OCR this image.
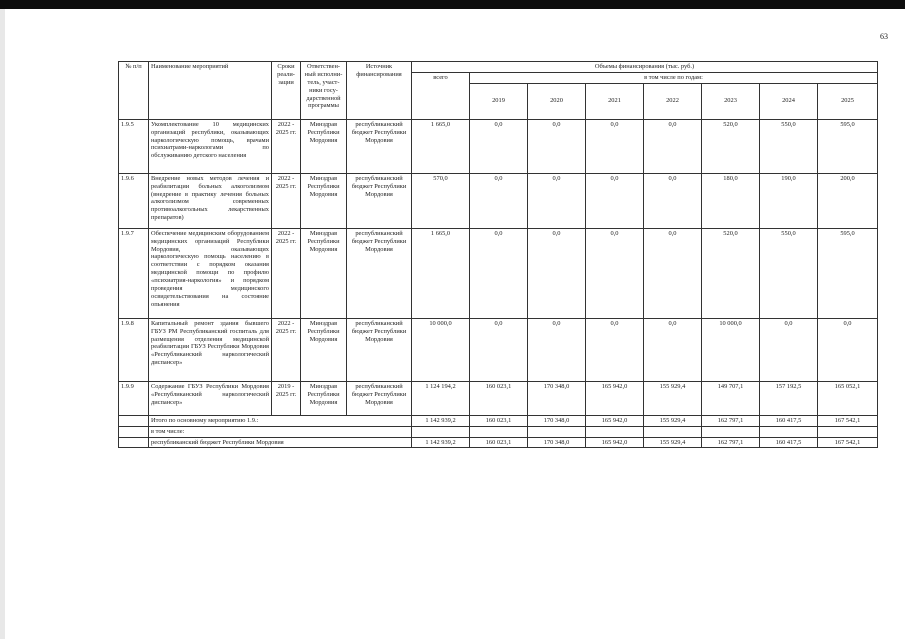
63
№ п/п	Наименование мероприятий	Сроки реали-зации	Ответствен-ный исполни-тель, участ-ники госу-дарственной программы	Источник финансирования	Объемы финансирования (тыс. руб.)							
					всего	в том числе по годам:						
						2019	2020	2021	2022	2023	2024	2025
1.9.5	Укомплектование 10 медицинских организаций республики, оказывающих наркологическую помощь, врачами психиатрами-наркологами по обслуживанию детского населения	2022 - 2025 гг.	Минздрав Республики Мордовия	республиканский бюджет Республики Мордовия	1 665,0	0,0	0,0	0,0	0,0	520,0	550,0	595,0
1.9.6	Внедрение новых методов лечения и реабилитации больных алкоголизмом (внедрение в практику лечения больных алкоголизмом современных противоалкогольных лекарственных препаратов)	2022 - 2025 гг.	Минздрав Республики Мордовия	республиканский бюджет Республики Мордовия	570,0	0,0	0,0	0,0	0,0	180,0	190,0	200,0
1.9.7	Обеспечение медицинским оборудованием медицинских организаций Республики Мордовия, оказывающих наркологическую помощь населению в соответствии с порядком оказания медицинской помощи по профилю «психиатрия-наркология» и порядком проведения медицинского освидетельствования на состояние опьянения	2022 - 2025 гг.	Минздрав Республики Мордовия	республиканский бюджет Республики Мордовия	1 665,0	0,0	0,0	0,0	0,0	520,0	550,0	595,0
1.9.8	Капитальный ремонт здания бывшего ГБУЗ РМ Республиканский госпиталь для размещения отделения медицинской реабилитации ГБУЗ Республики Мордовия «Республиканский наркологический диспансер»	2022 - 2025 гг.	Минздрав Республики Мордовия	республиканский бюджет Республики Мордовия	10 000,0	0,0	0,0	0,0	0,0	10 000,0	0,0	0,0
1.9.9	Содержание ГБУЗ Республики Мордовия «Республиканский наркологический диспансер»	2019 - 2025 гг.	Минздрав Республики Мордовия	республиканский бюджет Республики Мордовия	1 124 194,2	160 023,1	170 348,0	165 942,0	155 929,4	149 707,1	157 192,5	165 052,1
	Итого по основному мероприятию 1.9.:				1 142 939,2	160 023,1	170 348,0	165 942,0	155 929,4	162 797,1	160 417,5	167 542,1
	в том числе:											
	республиканский бюджет Республики Мордовия				1 142 939,2	160 023,1	170 348,0	165 942,0	155 929,4	162 797,1	160 417,5	167 542,1
